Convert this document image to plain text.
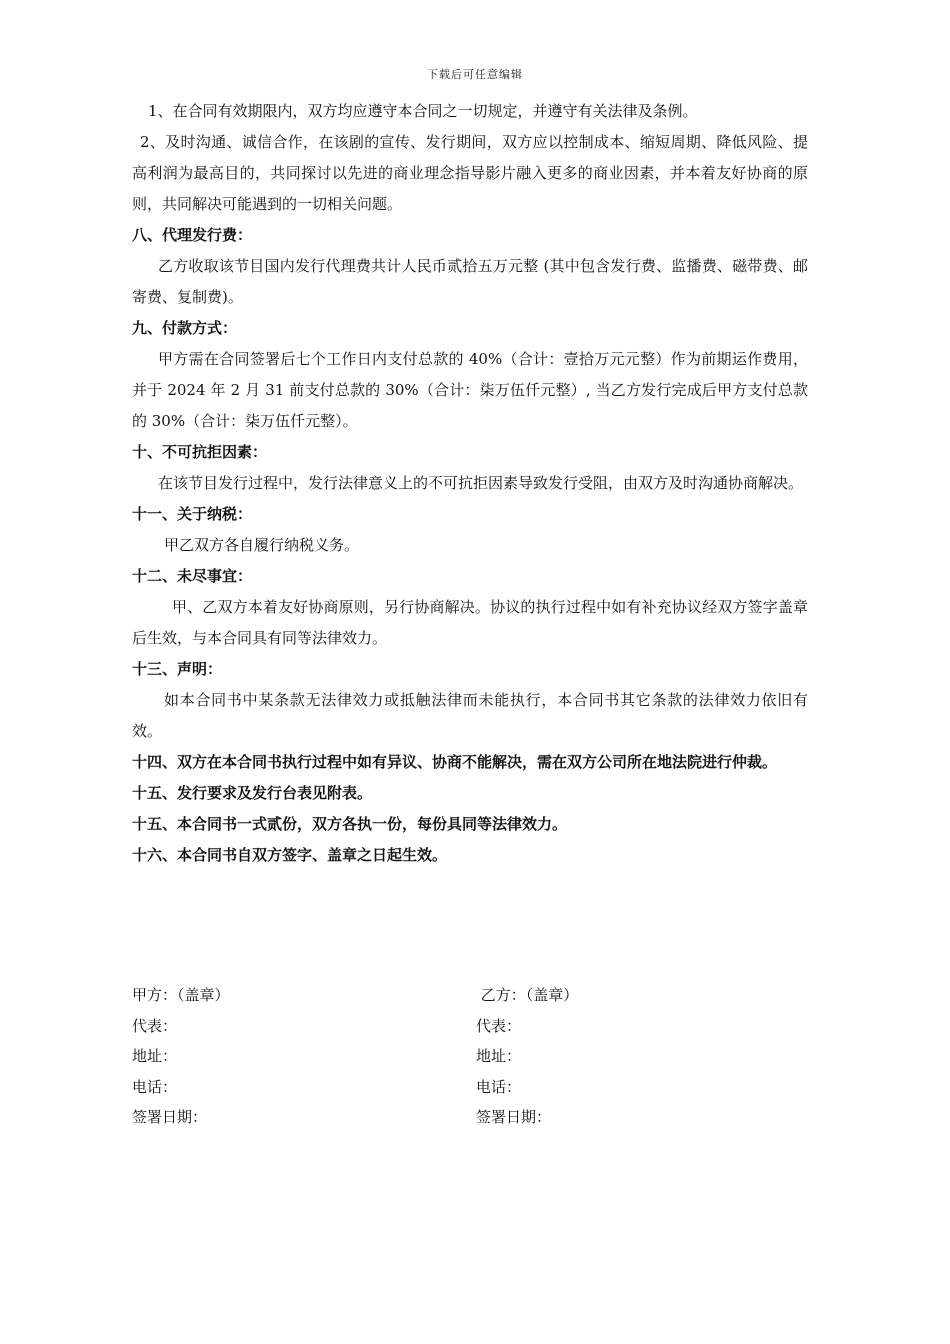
下载后可任意编辑

1、在合同有效期限内，双方均应遵守本合同之一切规定，并遵守有关法律及条例。

2、及时沟通、诚信合作，在该剧的宣传、发行期间，双方应以控制成本、缩短周期、降低风险、提高利润为最高目的，共同探讨以先进的商业理念指导影片融入更多的商业因素，并本着友好协商的原则，共同解决可能遇到的一切相关问题。

八、代理发行费：

乙方收取该节目国内发行代理费共计人民币贰拾五万元整 (其中包含发行费、监播费、磁带费、邮寄费、复制费)。

九、付款方式：

甲方需在合同签署后七个工作日内支付总款的 40%（合计：壹拾万元元整）作为前期运作费用，并于 2024 年 2 月 31 前支付总款的 30%（合计：柒万伍仟元整）, 当乙方发行完成后甲方支付总款的 30%（合计：柒万伍仟元整）。

十、不可抗拒因素：

在该节目发行过程中，发行法律意义上的不可抗拒因素导致发行受阻，由双方及时沟通协商解决。

十一、关于纳税：

甲乙双方各自履行纳税义务。

十二、未尽事宜：

甲、乙双方本着友好协商原则，另行协商解决。协议的执行过程中如有补充协议经双方签字盖章后生效，与本合同具有同等法律效力。

十三、声明：

如本合同书中某条款无法律效力或抵触法律而未能执行，本合同书其它条款的法律效力依旧有效。

十四、双方在本合同书执行过程中如有异议、协商不能解决，需在双方公司所在地法院进行仲裁。

十五、发行要求及发行台表见附表。

十五、本合同书一式贰份，双方各执一份，每份具同等法律效力。

十六、本合同书自双方签字、盖章之日起生效。

甲方：（盖章）
代表：
地址：
电话：
签署日期：
乙方：（盖章）
代表：
地址：
电话：
签署日期：
